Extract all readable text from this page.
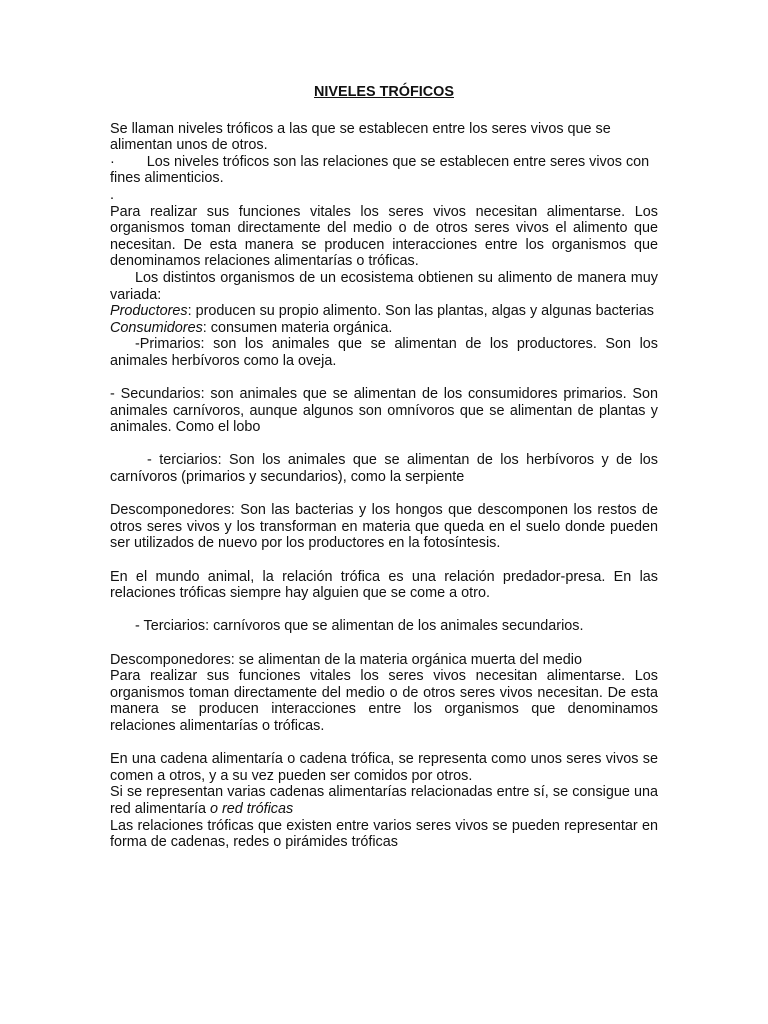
NIVELES TRÓFICOS

Se llaman niveles tróficos a las que se establecen entre los seres vivos que se alimentan unos de otros.

· Los niveles tróficos son las relaciones que se establecen entre seres vivos con fines alimenticios.

.

Para realizar sus funciones vitales los seres vivos necesitan alimentarse. Los organismos toman directamente del medio o de otros seres vivos el alimento que necesitan. De esta manera se producen interacciones entre los organismos que denominamos relaciones alimentarías o tróficas.

Los distintos organismos de un ecosistema obtienen su alimento de manera muy variada:

Productores: producen su propio alimento. Son las plantas, algas y algunas bacterias

Consumidores: consumen materia orgánica.

-Primarios: son los animales que se alimentan de los productores. Son los animales herbívoros como la oveja.

- Secundarios: son animales que se alimentan de los consumidores primarios. Son animales carnívoros, aunque algunos son omnívoros que se alimentan de plantas y animales. Como el lobo

- terciarios: Son los animales que se alimentan de los herbívoros y de los carnívoros (primarios y secundarios), como la serpiente

Descomponedores: Son las bacterias y los hongos que descomponen los restos de otros seres vivos y los transforman en materia que queda en el suelo donde pueden ser utilizados de nuevo por los productores en la fotosíntesis.

En el mundo animal, la relación trófica es una relación predador-presa. En las relaciones tróficas siempre hay alguien que se come a otro.

- Terciarios: carnívoros que se alimentan de los animales secundarios.

Descomponedores: se alimentan de la materia orgánica muerta del medio

Para realizar sus funciones vitales los seres vivos necesitan alimentarse. Los organismos toman directamente del medio o de otros seres vivos necesitan. De esta manera se producen interacciones entre los organismos que denominamos relaciones alimentarías o tróficas.

En una cadena alimentaría o cadena trófica, se representa como unos seres vivos se comen a otros, y a su vez pueden ser comidos por otros.

Si se representan varias cadenas alimentarías relacionadas entre sí, se consigue una red alimentaría o red tróficas

Las relaciones tróficas que existen entre varios seres vivos se pueden representar en forma de cadenas, redes o pirámides tróficas
